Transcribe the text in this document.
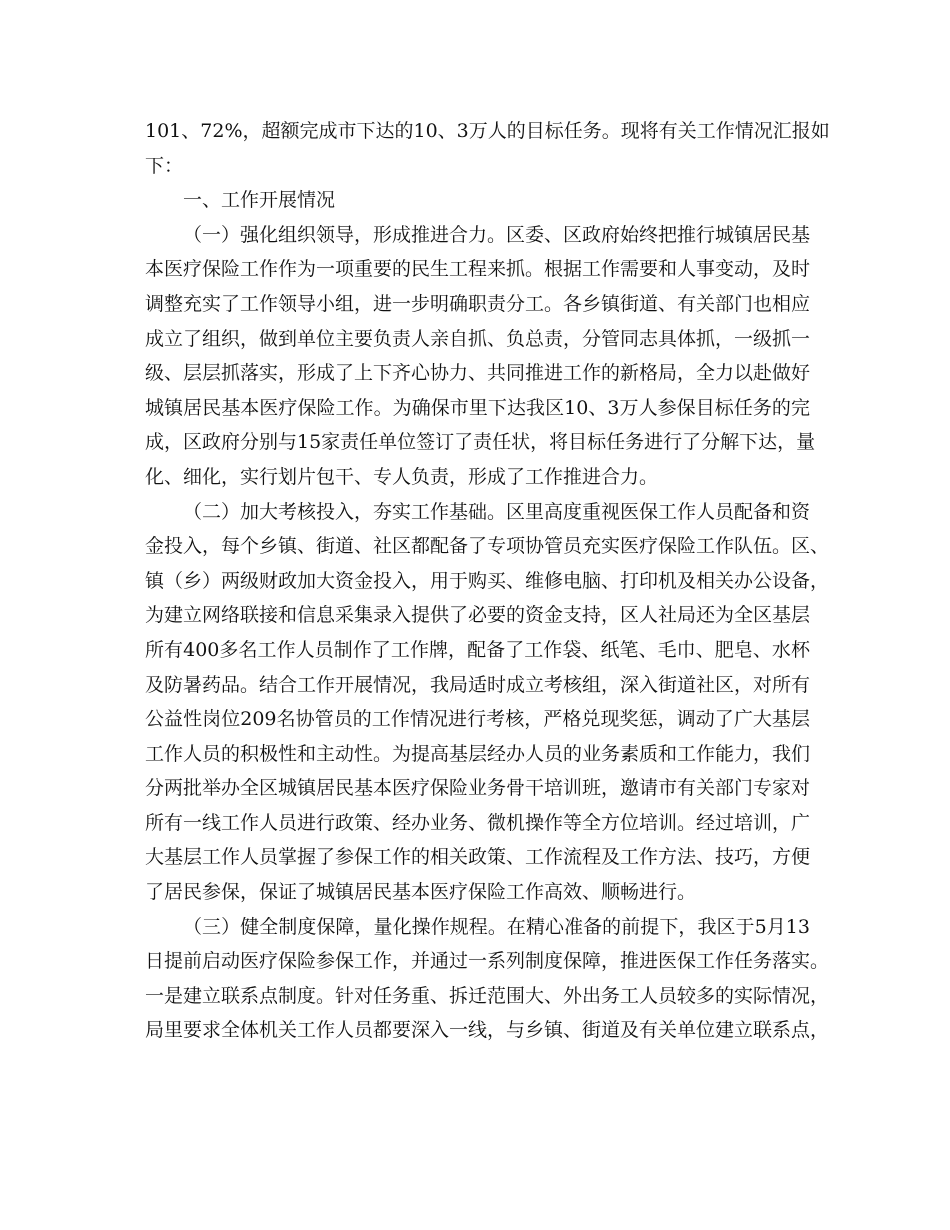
101、72%，超额完成市下达的10、3万人的目标任务。现将有关工作情况汇报如
下：
一、工作开展情况
（一）强化组织领导，形成推进合力。区委、区政府始终把推行城镇居民基
本医疗保险工作作为一项重要的民生工程来抓。根据工作需要和人事变动，及时
调整充实了工作领导小组，进一步明确职责分工。各乡镇街道、有关部门也相应
成立了组织，做到单位主要负责人亲自抓、负总责，分管同志具体抓，一级抓一
级、层层抓落实，形成了上下齐心协力、共同推进工作的新格局，全力以赴做好
城镇居民基本医疗保险工作。为确保市里下达我区10、3万人参保目标任务的完
成，区政府分别与15家责任单位签订了责任状，将目标任务进行了分解下达，量
化、细化，实行划片包干、专人负责，形成了工作推进合力。
（二）加大考核投入，夯实工作基础。区里高度重视医保工作人员配备和资
金投入，每个乡镇、街道、社区都配备了专项协管员充实医疗保险工作队伍。区、
镇（乡）两级财政加大资金投入，用于购买、维修电脑、打印机及相关办公设备，
为建立网络联接和信息采集录入提供了必要的资金支持，区人社局还为全区基层
所有400多名工作人员制作了工作牌，配备了工作袋、纸笔、毛巾、肥皂、水杯
及防暑药品。结合工作开展情况，我局适时成立考核组，深入街道社区，对所有
公益性岗位209名协管员的工作情况进行考核，严格兑现奖惩，调动了广大基层
工作人员的积极性和主动性。为提高基层经办人员的业务素质和工作能力，我们
分两批举办全区城镇居民基本医疗保险业务骨干培训班，邀请市有关部门专家对
所有一线工作人员进行政策、经办业务、微机操作等全方位培训。经过培训，广
大基层工作人员掌握了参保工作的相关政策、工作流程及工作方法、技巧，方便
了居民参保，保证了城镇居民基本医疗保险工作高效、顺畅进行。
（三）健全制度保障，量化操作规程。在精心准备的前提下，我区于5月13
日提前启动医疗保险参保工作，并通过一系列制度保障，推进医保工作任务落实。
一是建立联系点制度。针对任务重、拆迁范围大、外出务工人员较多的实际情况，
局里要求全体机关工作人员都要深入一线，与乡镇、街道及有关单位建立联系点，
